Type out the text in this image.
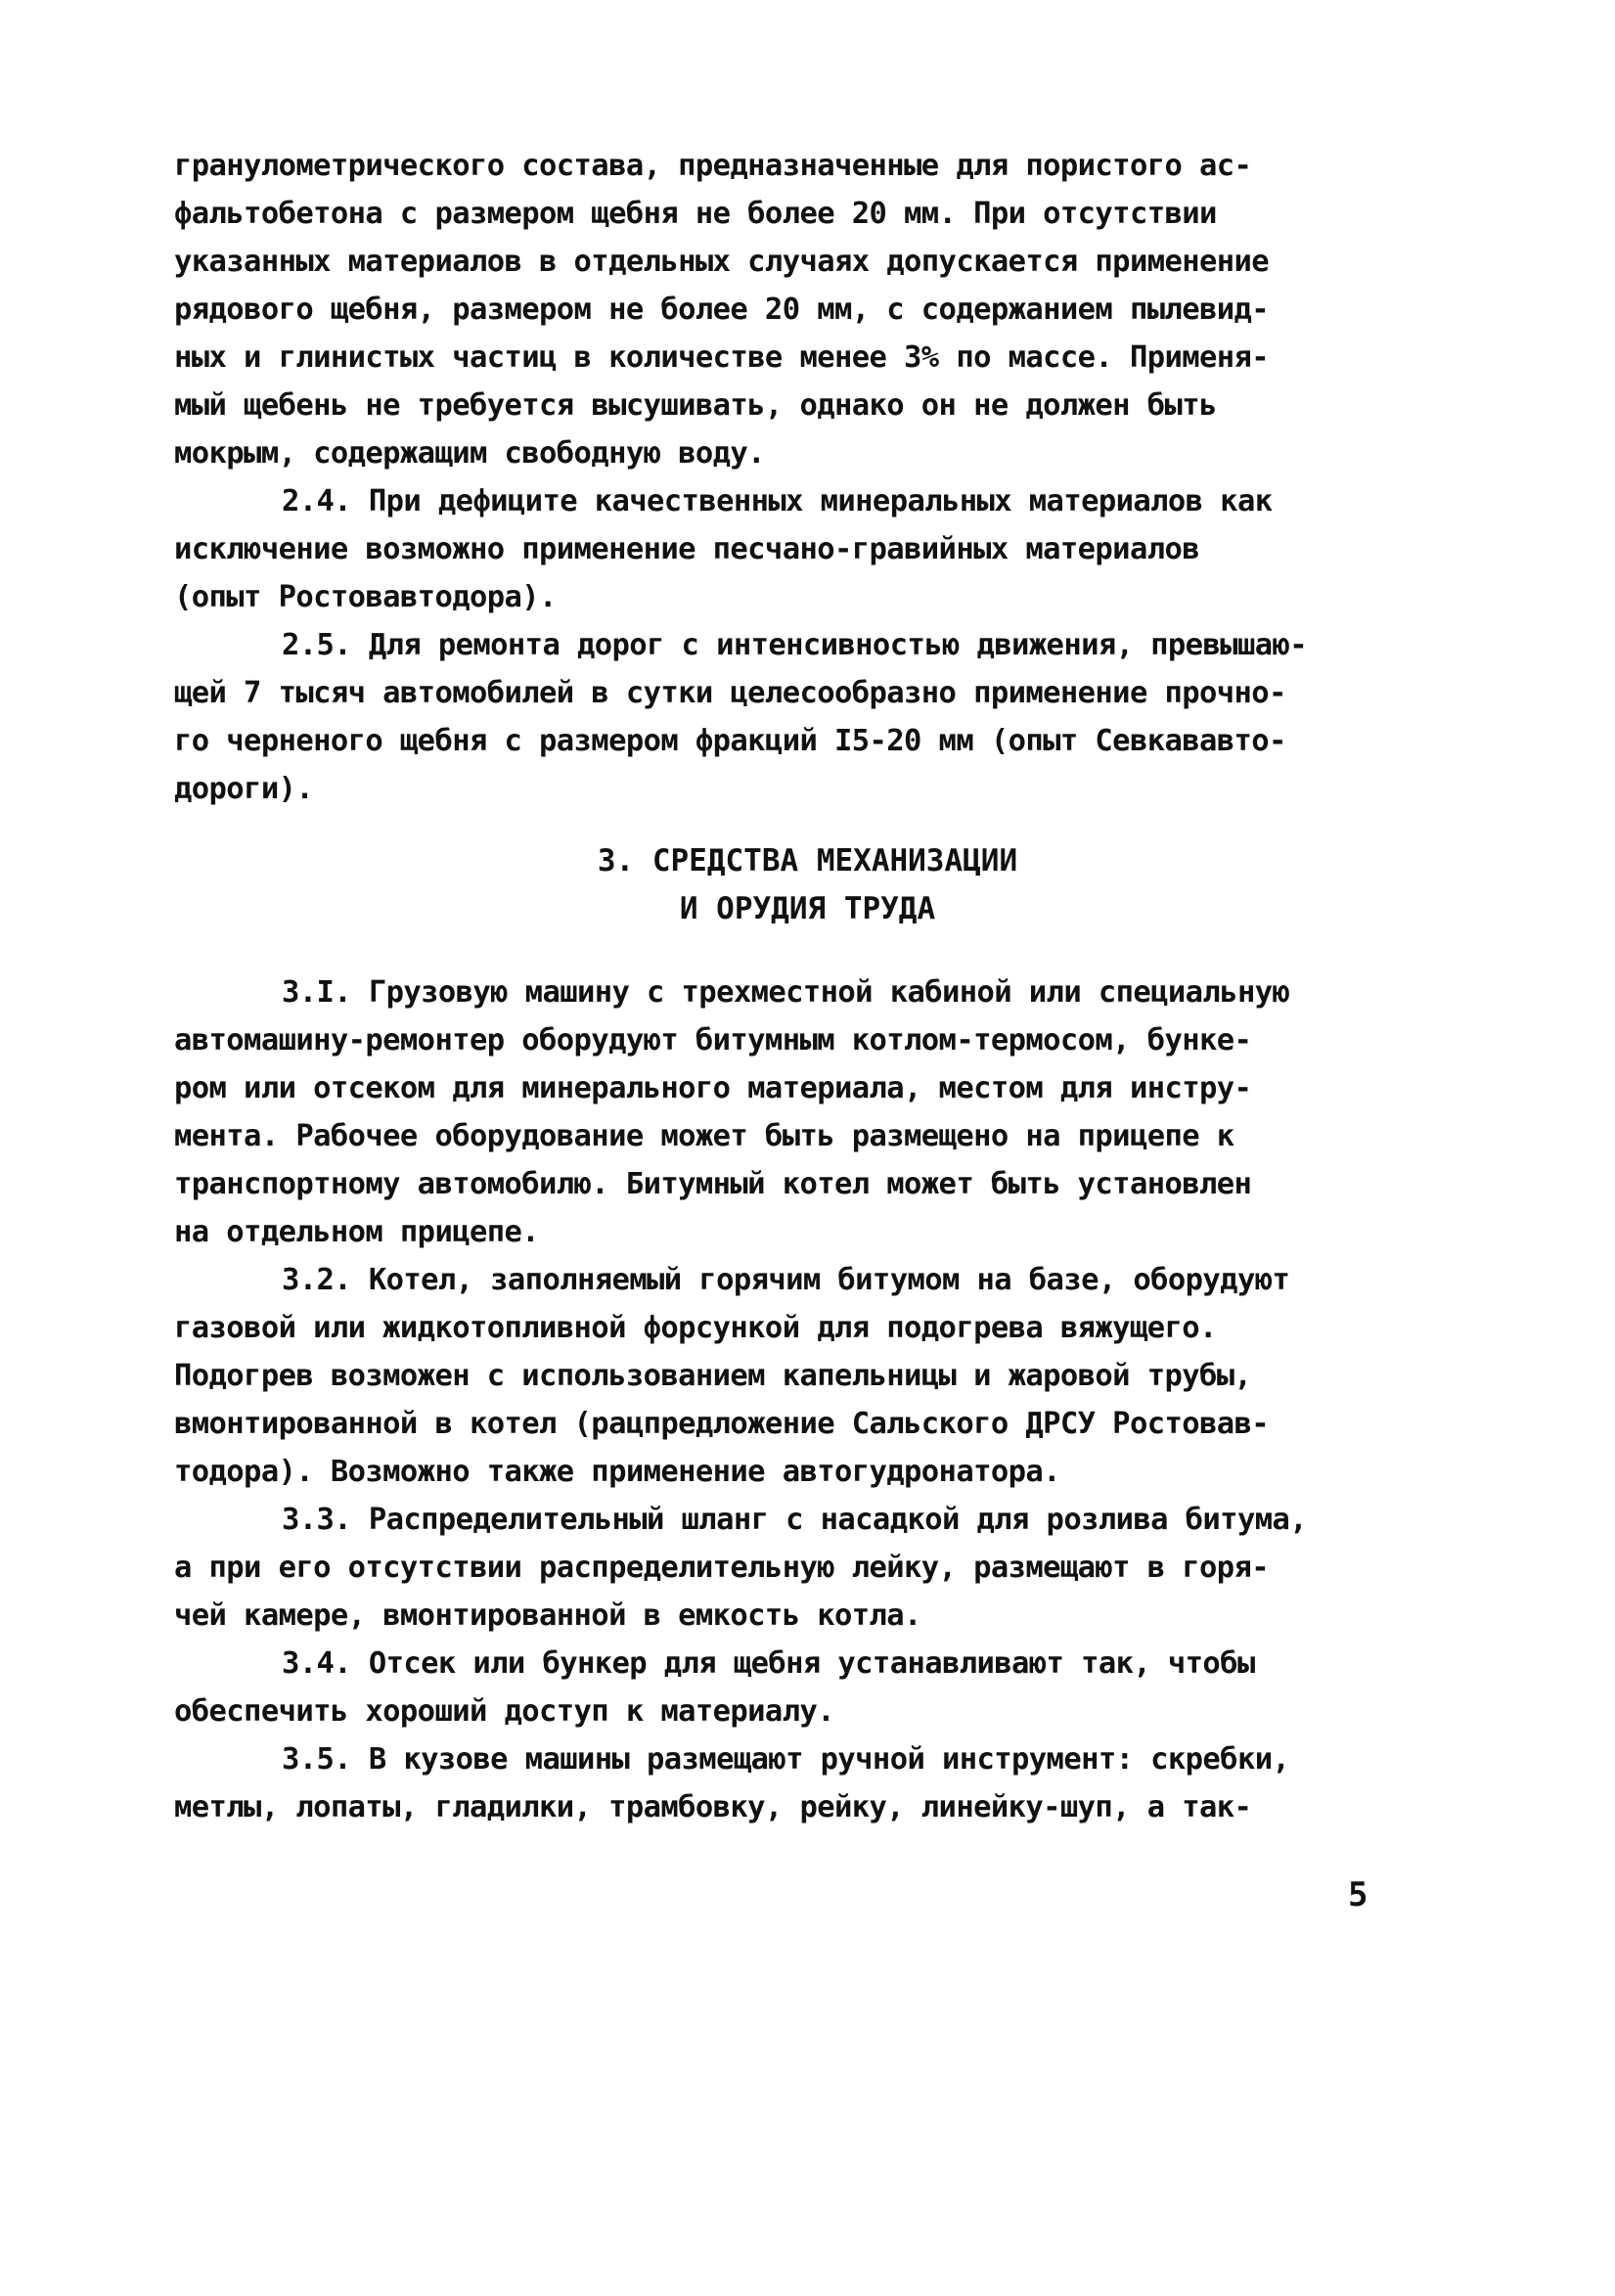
гранулометрического состава, предназначенные для пористого ас-
фальтобетона с размером щебня не более 20 мм. При отсутствии
указанных материалов в отдельных случаях допускается применение
рядового щебня, размером не более 20 мм, с содержанием пылевид-
ных и глинистых частиц в количестве менее 3% по массе. Применя-
мый щебень не требуется высушивать, однако он не должен быть
мокрым, содержащим свободную воду.
2.4. При дефиците качественных минеральных материалов как
исключение возможно применение песчано-гравийных материалов
(опыт Ростовавтодора).
2.5. Для ремонта дорог с интенсивностью движения, превышаю-
щей 7 тысяч автомобилей в сутки целесообразно применение прочно-
го черненого щебня с размером фракций I5-20 мм (опыт Севкававто-
дороги).
3. СРЕДСТВА МЕХАНИЗАЦИИ
И ОРУДИЯ ТРУДА
3.I. Грузовую машину с трехместной кабиной или специальную
автомашину-ремонтер оборудуют битумным котлом-термосом, бунке-
ром или отсеком для минерального материала, местом для инстру-
мента. Рабочее оборудование может быть размещено на прицепе к
транспортному автомобилю. Битумный котел может быть установлен
на отдельном прицепе.
3.2. Котел, заполняемый горячим битумом на базе, оборудуют
газовой или жидкотопливной форсункой для подогрева вяжущего.
Подогрев возможен с использованием капельницы и жаровой трубы,
вмонтированной в котел (рацпредложение Сальского ДРСУ Ростовав-
тодора). Возможно также применение автогудронатора.
3.3. Распределительный шланг с насадкой для розлива битума,
а при его отсутствии распределительную лейку, размещают в горя-
чей камере, вмонтированной в емкость котла.
3.4. Отсек или бункер для щебня устанавливают так, чтобы
обеспечить хороший доступ к материалу.
3.5. В кузове машины размещают ручной инструмент: скребки,
метлы, лопаты, гладилки, трамбовку, рейку, линейку-шуп, а так-
5
